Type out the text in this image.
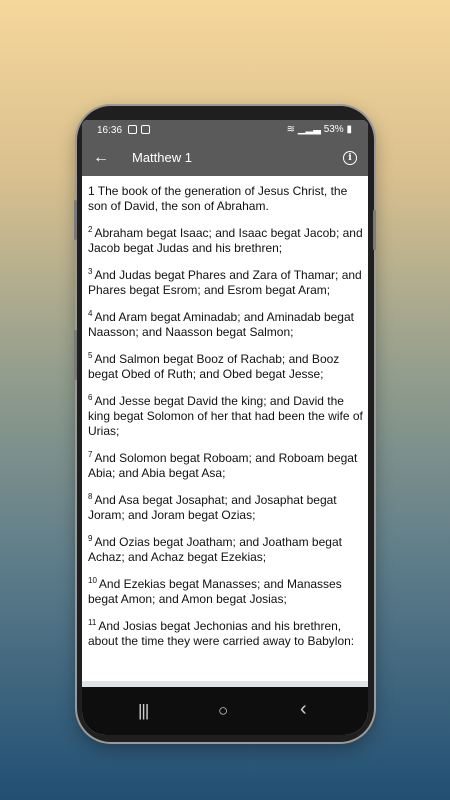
16:36	≋ ▁▂▃ 53% ▮
← Matthew 1	i
1 The book of the generation of Jesus Christ, the son of David, the son of Abraham.
$^2$ Abraham begat Isaac; and Isaac begat Jacob; and Jacob begat Judas and his brethren;
$^3$ And Judas begat Phares and Zara of Thamar; and Phares begat Esrom; and Esrom begat Aram;
$^4$ And Aram begat Aminadab; and Aminadab begat Naasson; and Naasson begat Salmon;
$^5$ And Salmon begat Booz of Rachab; and Booz begat Obed of Ruth; and Obed begat Jesse;
$^6$ And Jesse begat David the king; and David the king begat Solomon of her that had been the wife of Urias;
$^7$ And Solomon begat Roboam; and Roboam begat Abia; and Abia begat Asa;
$^8$ And Asa begat Josaphat; and Josaphat begat Joram; and Joram begat Ozias;
$^9$ And Ozias begat Joatham; and Joatham begat Achaz; and Achaz begat Ezekias;
$^{10}$ And Ezekias begat Manasses; and Manasses begat Amon; and Amon begat Josias;
$^{11}$ And Josias begat Jechonias and his brethren, about the time they were carried away to Babylon:
|||	○	‹
